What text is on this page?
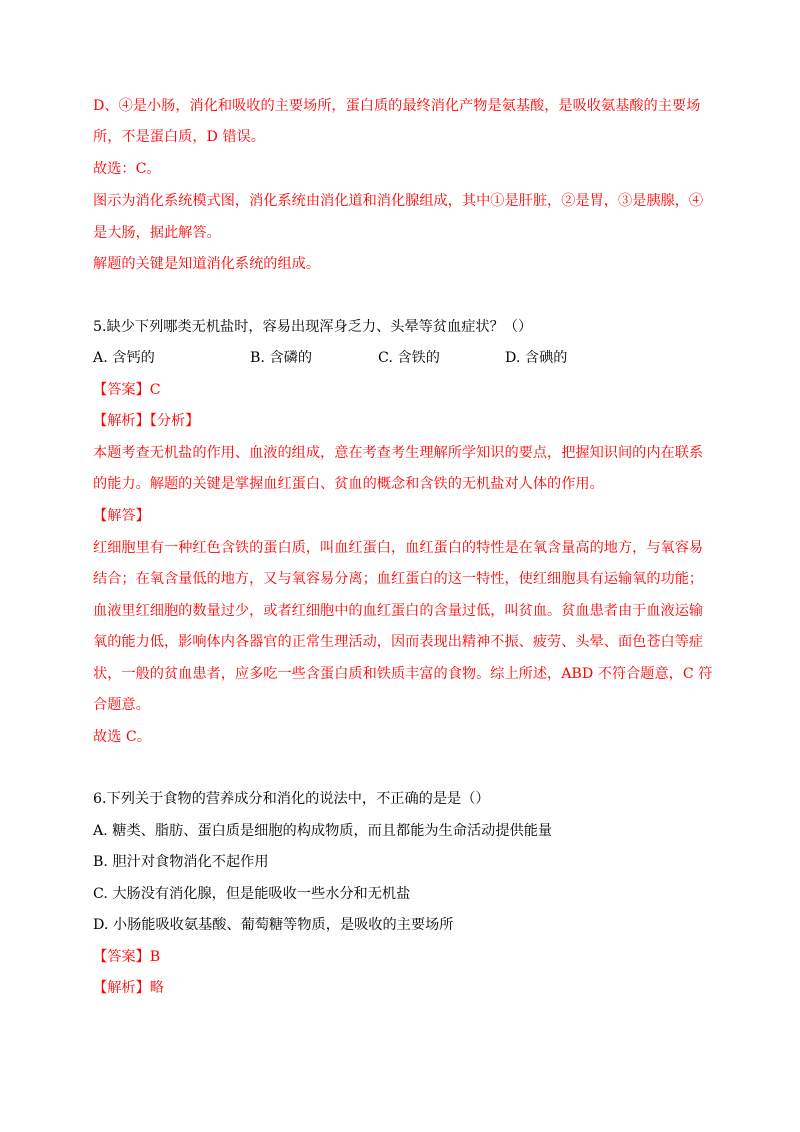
D、④是小肠，消化和吸收的主要场所，蛋白质的最终消化产物是氨基酸，是吸收氨基酸的主要场

所，不是蛋白质，D 错误。

故选：C。

图示为消化系统模式图，消化系统由消化道和消化腺组成，其中①是肝脏，②是胃，③是胰腺，④

是大肠，据此解答。

解题的关键是知道消化系统的组成。

5.缺少下列哪类无机盐时，容易出现浑身乏力、头晕等贫血症状？（）

A. 含钙的	B. 含磷的	C. 含铁的	D. 含碘的

【答案】C

【解析】【分析】

本题考查无机盐的作用、血液的组成，意在考查考生理解所学知识的要点，把握知识间的内在联系

的能力。解题的关键是掌握血红蛋白、贫血的概念和含铁的无机盐对人体的作用。

【解答】

红细胞里有一种红色含铁的蛋白质，叫血红蛋白，血红蛋白的特性是在氧含量高的地方，与氧容易

结合；在氧含量低的地方，又与氧容易分离；血红蛋白的这一特性，使红细胞具有运输氧的功能；

血液里红细胞的数量过少，或者红细胞中的血红蛋白的含量过低，叫贫血。贫血患者由于血液运输

氧的能力低，影响体内各器官的正常生理活动，因而表现出精神不振、疲劳、头晕、面色苍白等症

状，一般的贫血患者，应多吃一些含蛋白质和铁质丰富的食物。综上所述，ABD 不符合题意，C 符

合题意。

故选 C。

6.下列关于食物的营养成分和消化的说法中，不正确的是是（）

A. 糖类、脂肪、蛋白质是细胞的构成物质，而且都能为生命活动提供能量

B. 胆汁对食物消化不起作用

C. 大肠没有消化腺，但是能吸收一些水分和无机盐

D. 小肠能吸收氨基酸、葡萄糖等物质，是吸收的主要场所

【答案】B

【解析】略
